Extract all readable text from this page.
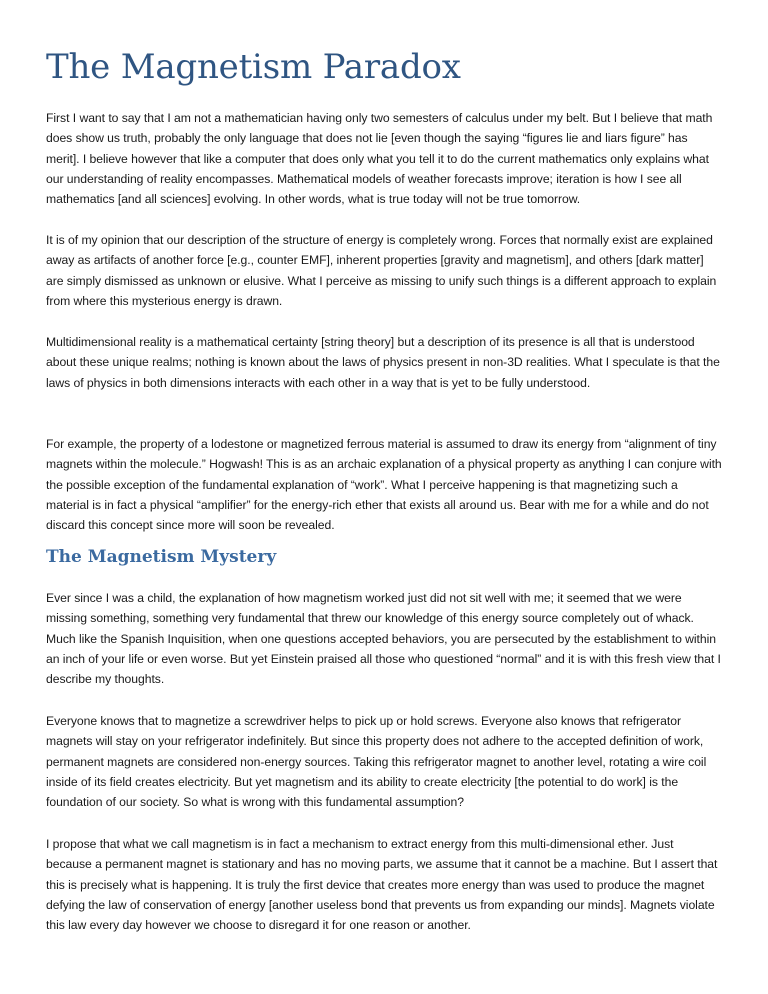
The Magnetism Paradox

First I want to say that I am not a mathematician having only two semesters of calculus under my belt. But I believe that math does show us truth, probably the only language that does not lie [even though the saying “figures lie and liars figure” has merit]. I believe however that like a computer that does only what you tell it to do the current mathematics only explains what our understanding of reality encompasses. Mathematical models of weather forecasts improve; iteration is how I see all mathematics [and all sciences] evolving. In other words, what is true today will not be true tomorrow.

It is of my opinion that our description of the structure of energy is completely wrong. Forces that normally exist are explained away as artifacts of another force [e.g., counter EMF], inherent properties [gravity and magnetism], and others [dark matter] are simply dismissed as unknown or elusive. What I perceive as missing to unify such things is a different approach to explain from where this mysterious energy is drawn.

Multidimensional reality is a mathematical certainty [string theory] but a description of its presence is all that is understood about these unique realms; nothing is known about the laws of physics present in non-3D realities. What I speculate is that the laws of physics in both dimensions interacts with each other in a way that is yet to be fully understood.

For example, the property of a lodestone or magnetized ferrous material is assumed to draw its energy from “alignment of tiny magnets within the molecule.” Hogwash! This is as an archaic explanation of a physical property as anything I can conjure with the possible exception of the fundamental explanation of “work”. What I perceive happening is that magnetizing such a material is in fact a physical “amplifier” for the energy-rich ether that exists all around us. Bear with me for a while and do not discard this concept since more will soon be revealed.

The Magnetism Mystery

Ever since I was a child, the explanation of how magnetism worked just did not sit well with me; it seemed that we were missing something, something very fundamental that threw our knowledge of this energy source completely out of whack. Much like the Spanish Inquisition, when one questions accepted behaviors, you are persecuted by the establishment to within an inch of your life or even worse. But yet Einstein praised all those who questioned “normal” and it is with this fresh view that I describe my thoughts.

Everyone knows that to magnetize a screwdriver helps to pick up or hold screws. Everyone also knows that refrigerator magnets will stay on your refrigerator indefinitely. But since this property does not adhere to the accepted definition of work, permanent magnets are considered non-energy sources. Taking this refrigerator magnet to another level, rotating a wire coil inside of its field creates electricity. But yet magnetism and its ability to create electricity [the potential to do work] is the foundation of our society. So what is wrong with this fundamental assumption?

I propose that what we call magnetism is in fact a mechanism to extract energy from this multi-dimensional ether. Just because a permanent magnet is stationary and has no moving parts, we assume that it cannot be a machine. But I assert that this is precisely what is happening. It is truly the first device that creates more energy than was used to produce the magnet defying the law of conservation of energy [another useless bond that prevents us from expanding our minds]. Magnets violate this law every day however we choose to disregard it for one reason or another.
